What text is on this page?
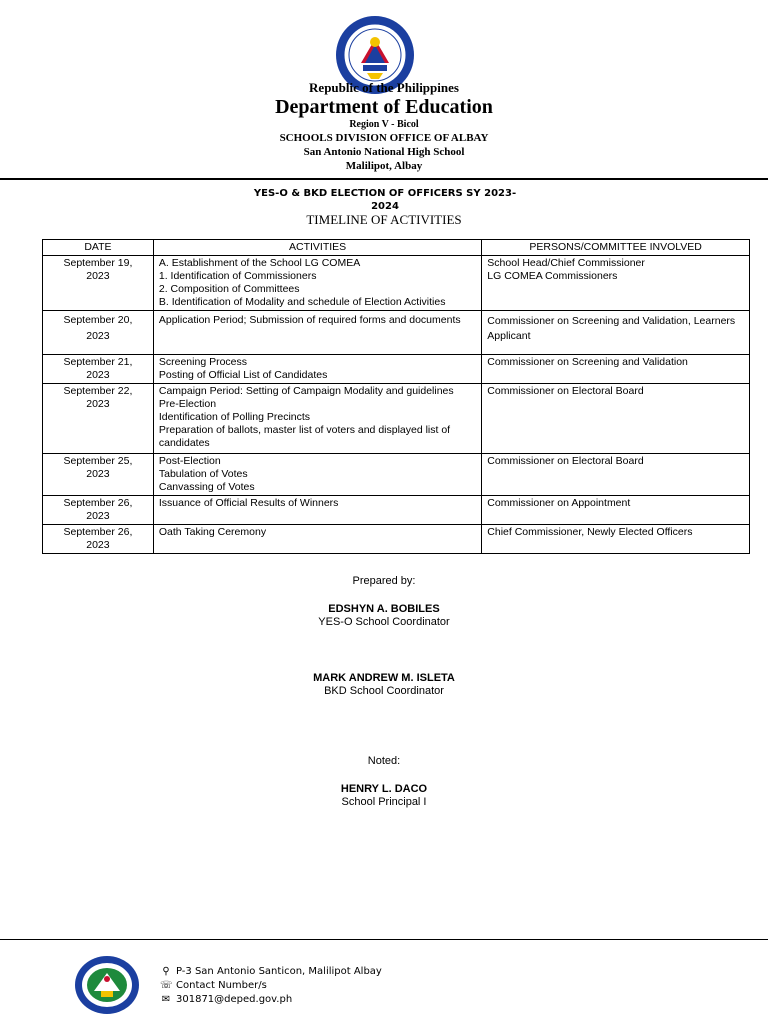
Republic of the Philippines
Department of Education
Region V - Bicol
SCHOOLS DIVISION OFFICE OF ALBAY
San Antonio National High School
Malilipot, Albay
YES-O & BKD ELECTION OF OFFICERS SY 2023-
2024
TIMELINE OF ACTIVITIES
DATE	ACTIVITIES	PERSONS/COMMITTEE INVOLVED

September 19,
2023	A. Establishment of the School LG COMEA
1. Identification of Commissioners
2. Composition of Committees
B. Identification of Modality and schedule of Election Activities	School Head/Chief Commissioner
LG COMEA Commissioners

September 20,
2023	Application Period; Submission of required forms and documents	Commissioner on Screening and Validation, Learners Applicant

September 21,
2023	Screening Process
Posting of Official List of Candidates	Commissioner on Screening and Validation

September 22,
2023	Campaign Period: Setting of Campaign Modality and guidelines Pre-Election
Identification of Polling Precincts
Preparation of ballots, master list of voters and displayed list of candidates	Commissioner on Electoral Board

September 25,
2023	Post-Election
Tabulation of Votes
Canvassing of Votes	Commissioner on Electoral Board

September 26,
2023	Issuance of Official Results of Winners	Commissioner on Appointment

September 26,
2023	Oath Taking Ceremony	Chief Commissioner, Newly Elected Officers
Prepared by:
EDSHYN A. BOBILES
YES-O School Coordinator
MARK ANDREW M. ISLETA
BKD School Coordinator
Noted:
HENRY L. DACO
School Principal I
⚲ P-3 San Antonio Santicon, Malilipot Albay
☏ Contact Number/s
✉ 301871@deped.gov.ph
